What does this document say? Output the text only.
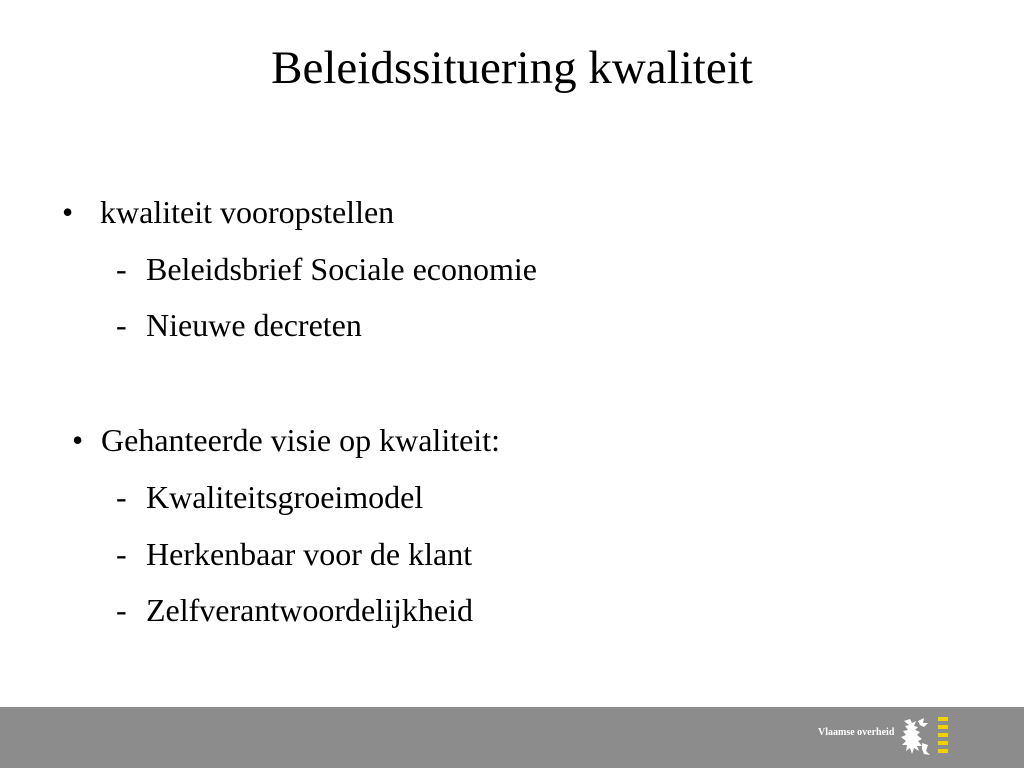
Beleidssituering kwaliteit
• kwaliteit vooropstellen
- Beleidsbrief Sociale economie
- Nieuwe decreten
• Gehanteerde visie op kwaliteit:
- Kwaliteitsgroeimodel
- Herkenbaar voor de klant
- Zelfverantwoordelijkheid
Vlaamse overheid
